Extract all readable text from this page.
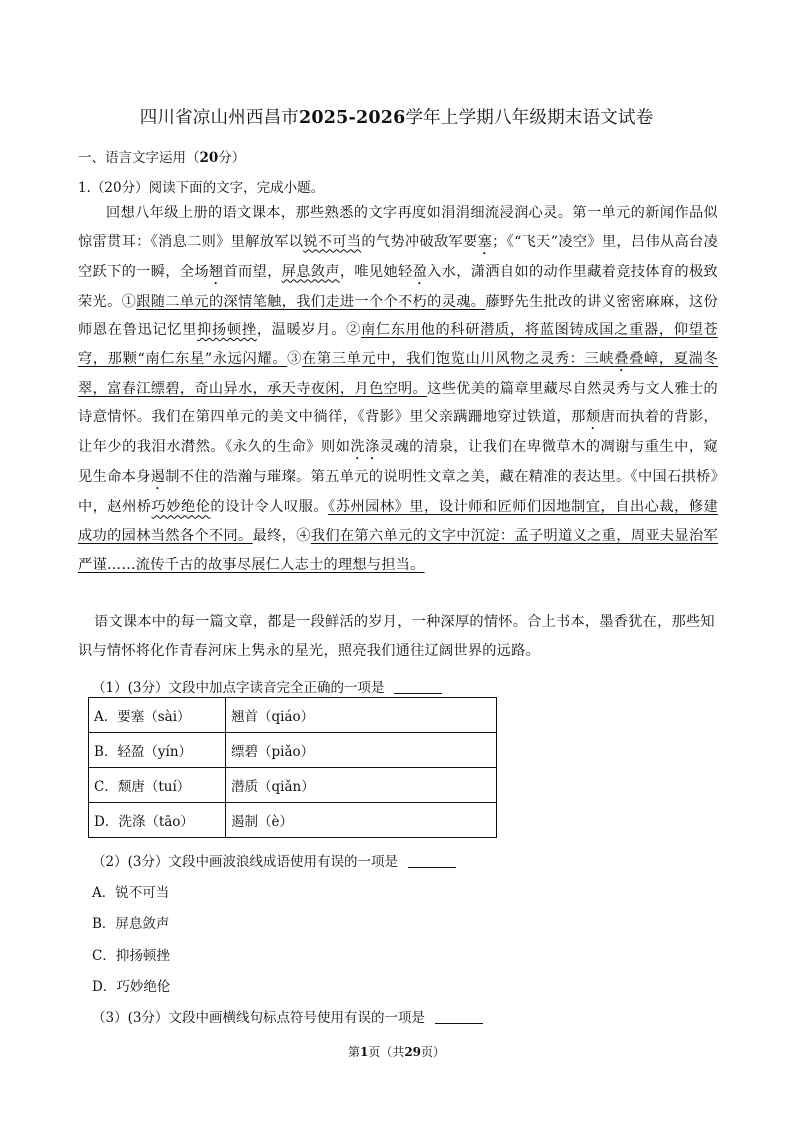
四川省凉山州西昌市2025-2026学年上学期八年级期末语文试卷
一、语言文字运用（20分）
1.（20分）阅读下面的文字，完成小题。
回想八年级上册的语文课本，那些熟悉的文字再度如涓涓细流浸润心灵。第一单元的新闻作品似惊雷贯耳：《消息二则》里解放军以锐不可当的气势冲破敌军要塞；《“飞天”凌空》里，吕伟从高台凌空跃下的一瞬，全场翘首而望，屏息敛声，唯见她轻盈入水，潇洒自如的动作里藏着竞技体育的极致荣光。①跟随二单元的深情笔触，我们走进一个个不朽的灵魂。藤野先生批改的讲义密密麻麻，这份师恩在鲁迅记忆里抑扬顿挫，温暖岁月。②南仁东用他的科研潜质，将蓝图铸成国之重器，仰望苍穹，那颗“南仁东星”永远闪耀。③在第三单元中，我们饱览山川风物之灵秀：三峡叠叠嶂，夏湍冬翠，富春江缥碧，奇山异水，承天寺夜闲，月色空明。这些优美的篇章里藏尽自然灵秀与文人雅士的诗意情怀。我们在第四单元的美文中徜徉，《背影》里父亲蹒跚地穿过铁道，那颓唐而执着的背影，让年少的我泪水潸然。《永久的生命》则如洗涤灵魂的清泉，让我们在卑微草木的凋谢与重生中，窥见生命本身遏制不住的浩瀚与璀璨。第五单元的说明性文章之美，藏在精准的表达里。《中国石拱桥》中，赵州桥巧妙绝伦的设计令人叹服。《苏州园林》里，设计师和匠师们因地制宜，自出心裁，修建成功的园林当然各个不同。最终，④我们在第六单元的文字中沉淀：孟子明道义之重，周亚夫显治军严谨……流传千古的故事尽展仁人志士的理想与担当。
语文课本中的每一篇文章，都是一段鲜活的岁月，一种深厚的情怀。合上书本，墨香犹在，那些知识与情怀将化作青春河床上隽永的星光，照亮我们通往辽阔世界的远路。
（1）(3分）文段中加点字读音完全正确的一项是
A．要塞（sài）	翘首（qiáo）
B．轻盈（yín）	缥碧（piǎo）
C．颓唐（tuí）	潜质（qiǎn）
D．洗涤（tāo）	遏制（è）
（2）(3分）文段中画波浪线成语使用有误的一项是
A．锐不可当
B．屏息敛声
C．抑扬顿挫
D．巧妙绝伦
（3）(3分）文段中画横线句标点符号使用有误的一项是
第1页（共29页）
